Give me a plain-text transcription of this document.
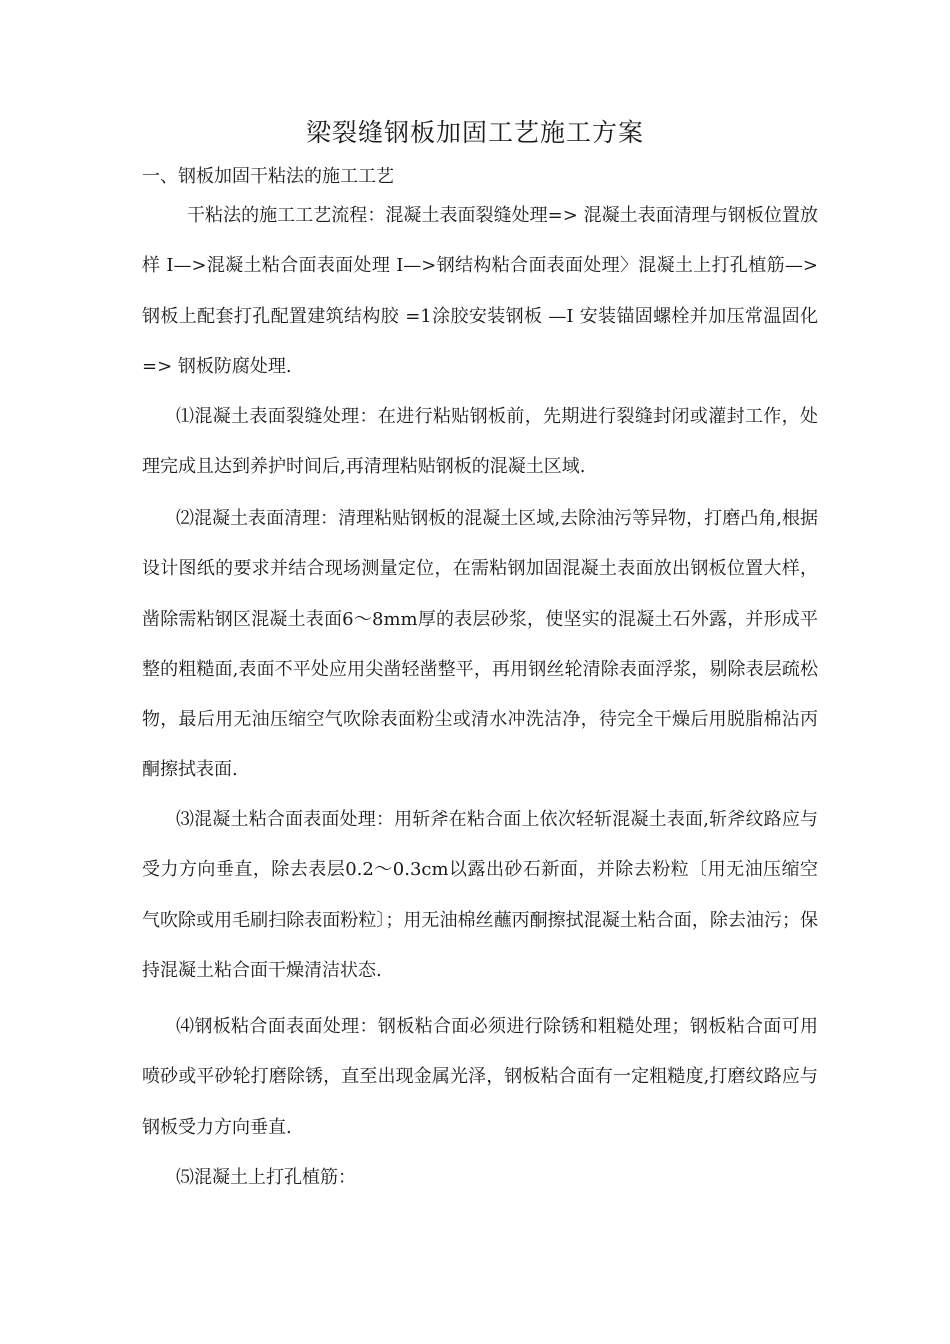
梁裂缝钢板加固工艺施工方案
一、钢板加固干粘法的施工工艺

干粘法的施工工艺流程：混凝土表面裂缝处理=> 混凝土表面清理与钢板位置放样 I—>混凝土粘合面表面处理 I—>钢结构粘合面表面处理〉混凝土上打孔植筋—> 钢板上配套打孔配置建筑结构胶 =1涂胶安装钢板 —I 安装锚固螺栓并加压常温固化=> 钢板防腐处理.

⑴混凝土表面裂缝处理：在进行粘贴钢板前，先期进行裂缝封闭或灌封工作，处理完成且达到养护时间后,再清理粘贴钢板的混凝土区域.

⑵混凝土表面清理：清理粘贴钢板的混凝土区域,去除油污等异物，打磨凸角,根据设计图纸的要求并结合现场测量定位，在需粘钢加固混凝土表面放出钢板位置大样，凿除需粘钢区混凝土表面6〜8mm厚的表层砂浆，使坚实的混凝土石外露，并形成平整的粗糙面,表面不平处应用尖凿轻凿整平，再用钢丝轮清除表面浮浆，剔除表层疏松物，最后用无油压缩空气吹除表面粉尘或清水冲洗洁净，待完全干燥后用脱脂棉沾丙酮擦拭表面.

⑶混凝土粘合面表面处理：用斩斧在粘合面上依次轻斩混凝土表面,斩斧纹路应与受力方向垂直，除去表层0.2〜0.3cm以露出砂石新面，并除去粉粒〔用无油压缩空气吹除或用毛刷扫除表面粉粒〕；用无油棉丝蘸丙酮擦拭混凝土粘合面，除去油污；保持混凝土粘合面干燥清洁状态.

⑷钢板粘合面表面处理：钢板粘合面必须进行除锈和粗糙处理；钢板粘合面可用喷砂或平砂轮打磨除锈，直至出现金属光泽，钢板粘合面有一定粗糙度,打磨纹路应与钢板受力方向垂直.

⑸混凝土上打孔植筋：
